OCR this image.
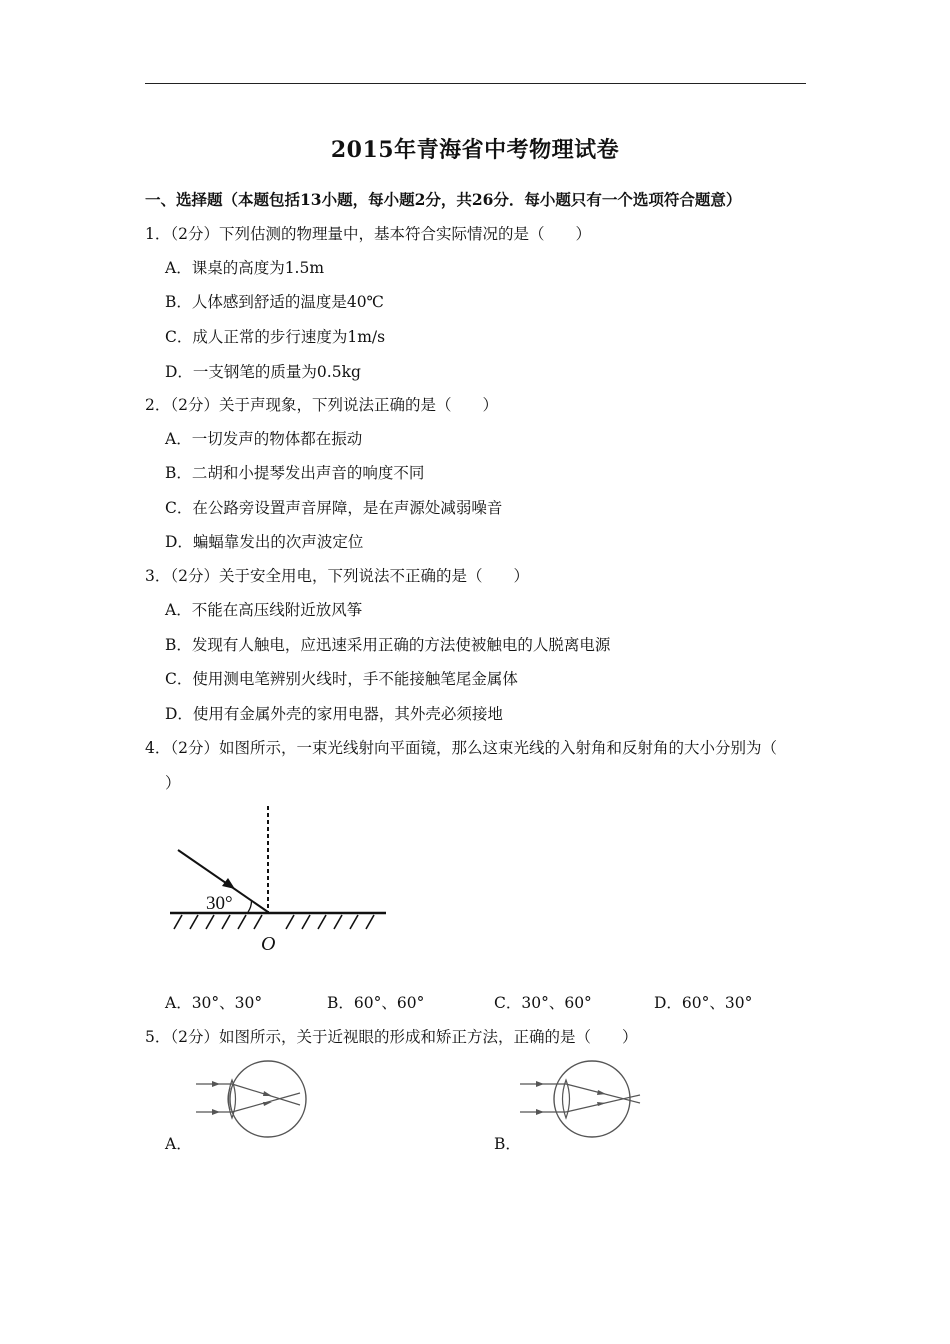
2015年青海省中考物理试卷
一、选择题（本题包括13小题，每小题2分，共26分．每小题只有一个选项符合题意）
1．（2分）下列估测的物理量中，基本符合实际情况的是（　　）
A．课桌的高度为1.5m
B．人体感到舒适的温度是40℃
C．成人正常的步行速度为1m/s
D．一支钢笔的质量为0.5kg
2．（2分）关于声现象，下列说法正确的是（　　）
A．一切发声的物体都在振动
B．二胡和小提琴发出声音的响度不同
C．在公路旁设置声音屏障，是在声源处减弱噪音
D．蝙蝠靠发出的次声波定位
3．（2分）关于安全用电，下列说法不正确的是（　　）
A．不能在高压线附近放风筝
B．发现有人触电，应迅速采用正确的方法使被触电的人脱离电源
C．使用测电笔辨别火线时，手不能接触笔尾金属体
D．使用有金属外壳的家用电器，其外壳必须接地
4．（2分）如图所示，一束光线射向平面镜，那么这束光线的入射角和反射角的大小分别为（
）
30°
O
A．30°、30°	B．60°、60°	C．30°、60°	D．60°、30°
5．（2分）如图所示，关于近视眼的形成和矫正方法，正确的是（　　）
A．	B．
